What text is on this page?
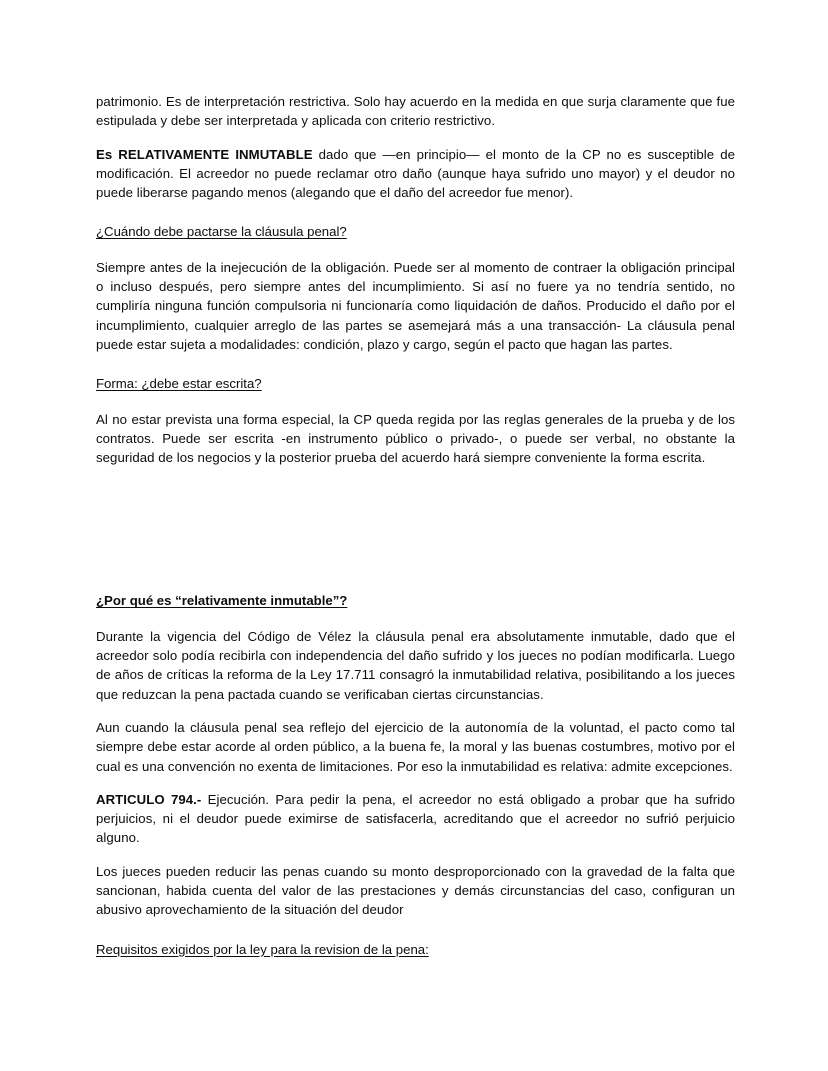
patrimonio. Es de interpretación restrictiva. Solo hay acuerdo en la medida en que surja claramente que fue estipulada y debe ser interpretada y aplicada con criterio restrictivo.

Es RELATIVAMENTE INMUTABLE dado que —en principio— el monto de la CP no es susceptible de modificación. El acreedor no puede reclamar otro daño (aunque haya sufrido uno mayor) y el deudor no puede liberarse pagando menos (alegando que el daño del acreedor fue menor).

¿Cuándo debe pactarse la cláusula penal?

Siempre antes de la inejecución de la obligación. Puede ser al momento de contraer la obligación principal o incluso después, pero siempre antes del incumplimiento. Si así no fuere ya no tendría sentido, no cumpliría ninguna función compulsoria ni funcionaría como liquidación de daños. Producido el daño por el incumplimiento, cualquier arreglo de las partes se asemejará más a una transacción- La cláusula penal puede estar sujeta a modalidades: condición, plazo y cargo, según el pacto que hagan las partes.

Forma: ¿debe estar escrita?

Al no estar prevista una forma especial, la CP queda regida por las reglas generales de la prueba y de los contratos. Puede ser escrita -en instrumento público o privado-, o puede ser verbal, no obstante la seguridad de los negocios y la posterior prueba del acuerdo hará siempre conveniente la forma escrita.

¿Por qué es “relativamente inmutable”?

Durante la vigencia del Código de Vélez la cláusula penal era absolutamente inmutable, dado que el acreedor solo podía recibirla con independencia del daño sufrido y los jueces no podían modificarla. Luego de años de críticas la reforma de la Ley 17.711 consagró la inmutabilidad relativa, posibilitando a los jueces que reduzcan la pena pactada cuando se verificaban ciertas circunstancias.

Aun cuando la cláusula penal sea reflejo del ejercicio de la autonomía de la voluntad, el pacto como tal siempre debe estar acorde al orden público, a la buena fe, la moral y las buenas costumbres, motivo por el cual es una convención no exenta de limitaciones. Por eso la inmutabilidad es relativa: admite excepciones.

ARTICULO 794.- Ejecución. Para pedir la pena, el acreedor no está obligado a probar que ha sufrido perjuicios, ni el deudor puede eximirse de satisfacerla, acreditando que el acreedor no sufrió perjuicio alguno.

Los jueces pueden reducir las penas cuando su monto desproporcionado con la gravedad de la falta que sancionan, habida cuenta del valor de las prestaciones y demás circunstancias del caso, configuran un abusivo aprovechamiento de la situación del deudor

Requisitos exigidos por la ley para la revision de la pena:
